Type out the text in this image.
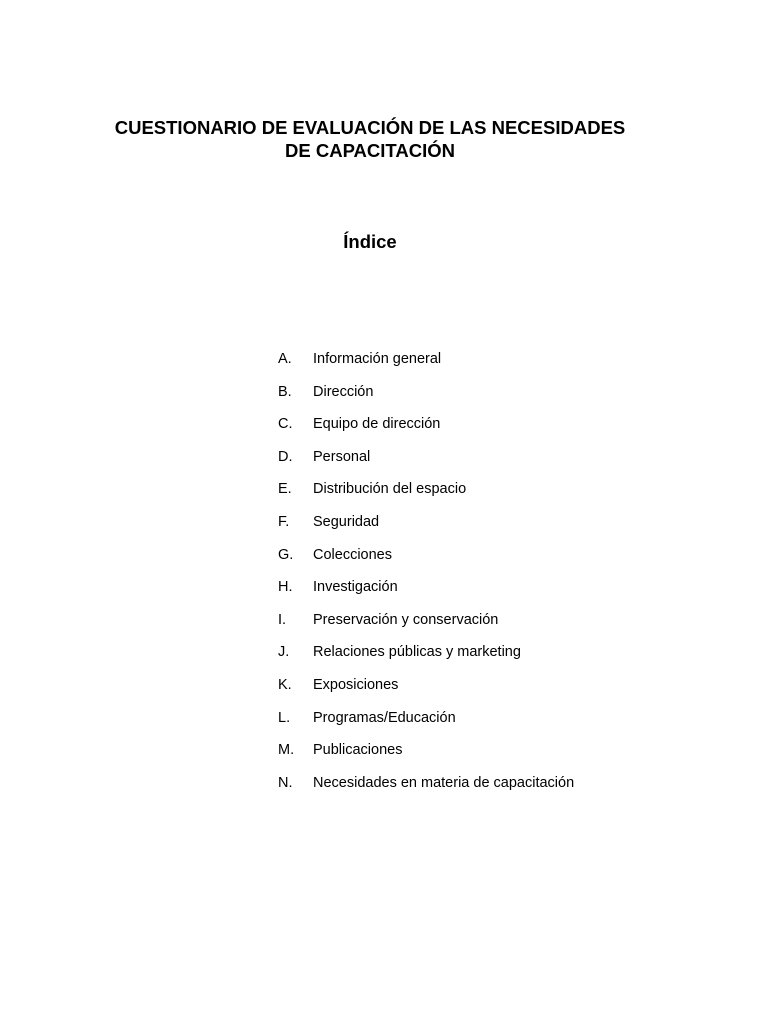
CUESTIONARIO DE EVALUACIÓN DE LAS NECESIDADES
DE CAPACITACIÓN
Índice
A.	Información general
B.	Dirección
C.	Equipo de dirección
D.	Personal
E.	Distribución del espacio
F.	Seguridad
G.	Colecciones
H.	Investigación
I.	Preservación y conservación
J.	Relaciones públicas y marketing
K.	Exposiciones
L.	Programas/Educación
M.	Publicaciones
N.	Necesidades en materia de capacitación
